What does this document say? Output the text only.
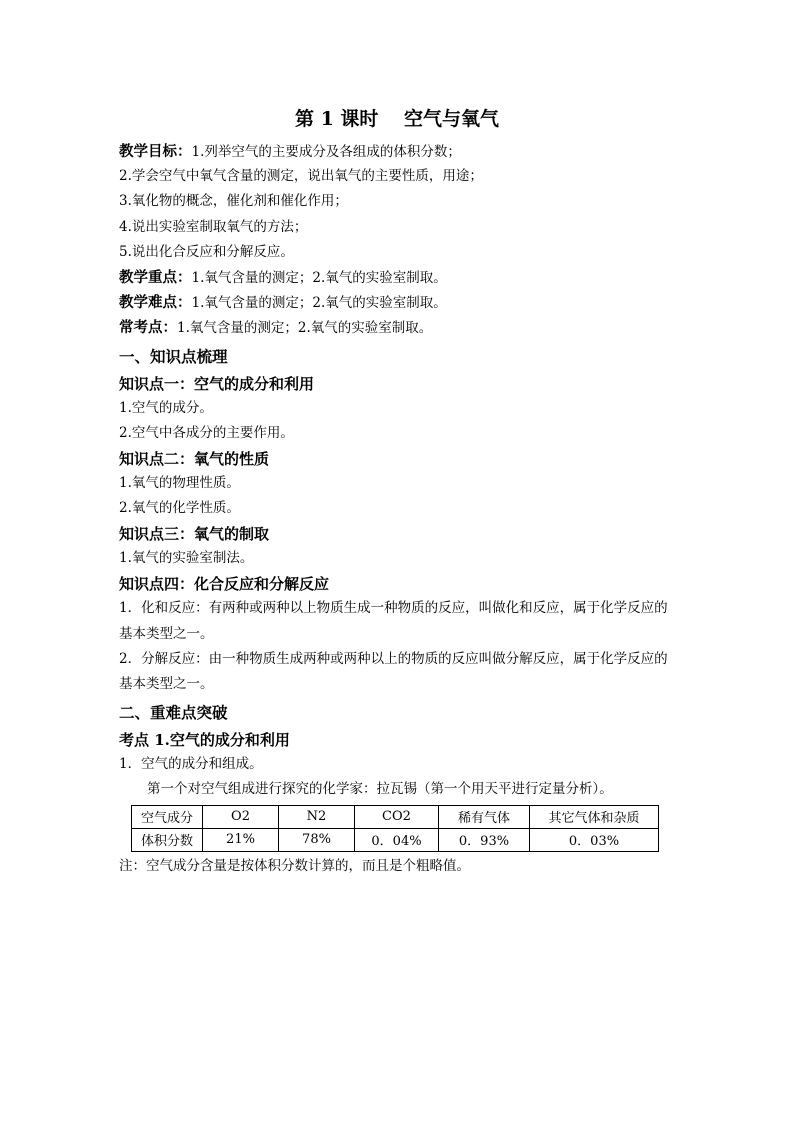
第 1 课时　 空气与氧气
教学目标：1.列举空气的主要成分及各组成的体积分数；
2.学会空气中氧气含量的测定，说出氧气的主要性质，用途；
3.氧化物的概念，催化剂和催化作用；
4.说出实验室制取氧气的方法；
5.说出化合反应和分解反应。
教学重点：1.氧气含量的测定；2.氧气的实验室制取。
教学难点：1.氧气含量的测定；2.氧气的实验室制取。
常考点：1.氧气含量的测定；2.氧气的实验室制取。
一、知识点梳理
知识点一：空气的成分和利用
1.空气的成分。
2.空气中各成分的主要作用。
知识点二：氧气的性质
1.氧气的物理性质。
2.氧气的化学性质。
知识点三：氧气的制取
1.氧气的实验室制法。
知识点四：化合反应和分解反应
1．化和反应：有两种或两种以上物质生成一种物质的反应，叫做化和反应，属于化学反应的基本类型之一。
2．分解反应：由一种物质生成两种或两种以上的物质的反应叫做分解反应，属于化学反应的基本类型之一。
二、重难点突破
考点 1.空气的成分和利用
1．空气的成分和组成。
第一个对空气组成进行探究的化学家：拉瓦锡（第一个用天平进行定量分析）。
空气成分	O2	N2	CO2	稀有气体	其它气体和杂质
体积分数	21%	78%	0．04%	0．93%	0．03%
注：空气成分含量是按体积分数计算的，而且是个粗略值。
